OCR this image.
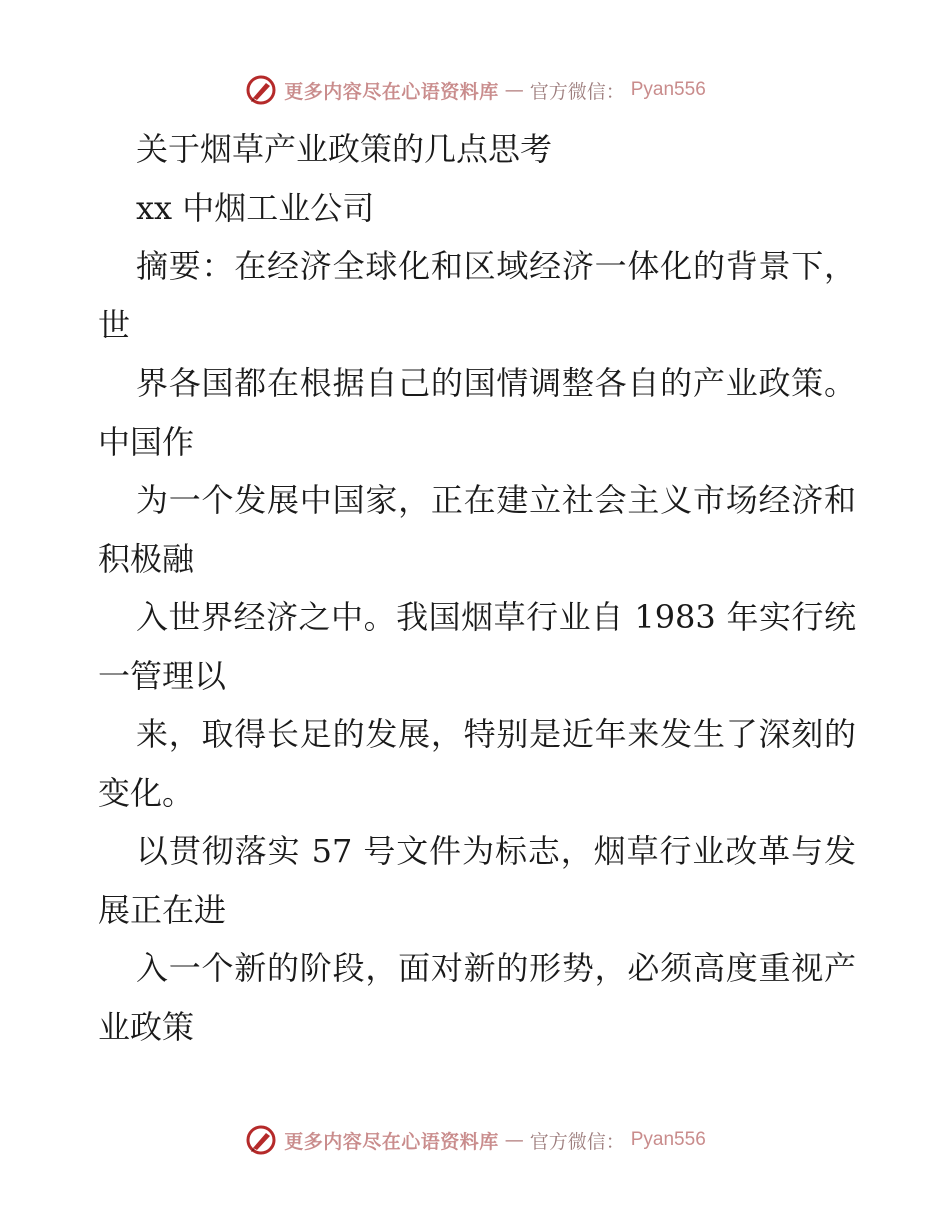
更多内容尽在心语资料库 — 官方微信： Pyan556

关于烟草产业政策的几点思考

xx 中烟工业公司

摘要：在经济全球化和区域经济一体化的背景下，世

界各国都在根据自己的国情调整各自的产业政策。中国作

为一个发展中国家，正在建立社会主义市场经济和积极融

入世界经济之中。我国烟草行业自 1983 年实行统一管理以

来，取得长足的发展，特别是近年来发生了深刻的变化。

以贯彻落实 57 号文件为标志，烟草行业改革与发展正在进

入一个新的阶段，面对新的形势，必须高度重视产业政策

更多内容尽在心语资料库 — 官方微信： Pyan556
